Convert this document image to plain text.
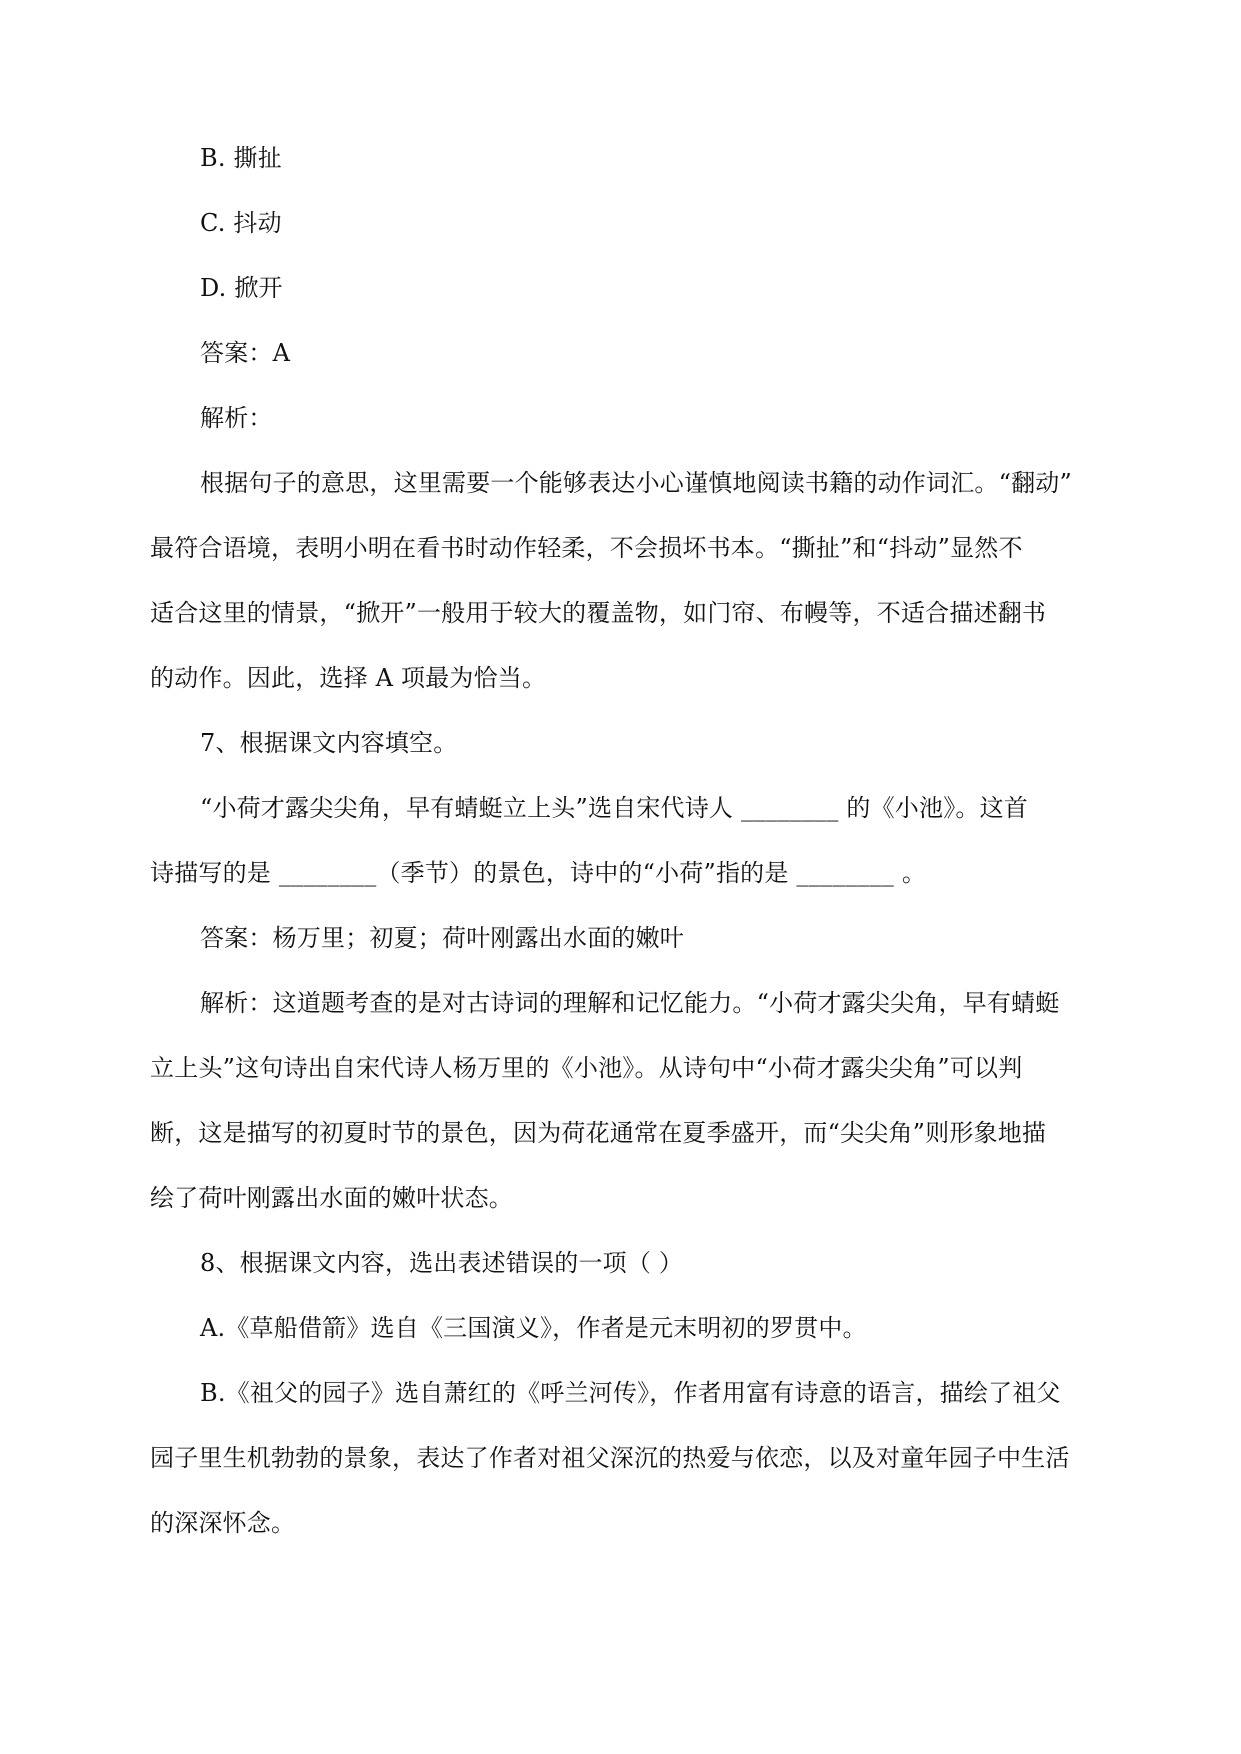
B. 撕扯
C. 抖动
D. 掀开
答案：A
解析：
根据句子的意思，这里需要一个能够表达小心谨慎地阅读书籍的动作词汇。“翻动”
最符合语境，表明小明在看书时动作轻柔，不会损坏书本。“撕扯”和“抖动”显然不
适合这里的情景，“掀开”一般用于较大的覆盖物，如门帘、布幔等，不适合描述翻书
的动作。因此，选择 A 项最为恰当。
7、根据课文内容填空。
“小荷才露尖尖角，早有蜻蜓立上头”选自宋代诗人 ________ 的《小池》。这首
诗描写的是 ________（季节）的景色，诗中的“小荷”指的是 ________ 。
答案：杨万里；初夏；荷叶刚露出水面的嫩叶
解析：这道题考查的是对古诗词的理解和记忆能力。“小荷才露尖尖角，早有蜻蜓
立上头”这句诗出自宋代诗人杨万里的《小池》。从诗句中“小荷才露尖尖角”可以判
断，这是描写的初夏时节的景色，因为荷花通常在夏季盛开，而“尖尖角”则形象地描
绘了荷叶刚露出水面的嫩叶状态。
8、根据课文内容，选出表述错误的一项（ ）
A.《草船借箭》选自《三国演义》，作者是元末明初的罗贯中。
B.《祖父的园子》选自萧红的《呼兰河传》，作者用富有诗意的语言，描绘了祖父
园子里生机勃勃的景象，表达了作者对祖父深沉的热爱与依恋，以及对童年园子中生活
的深深怀念。
